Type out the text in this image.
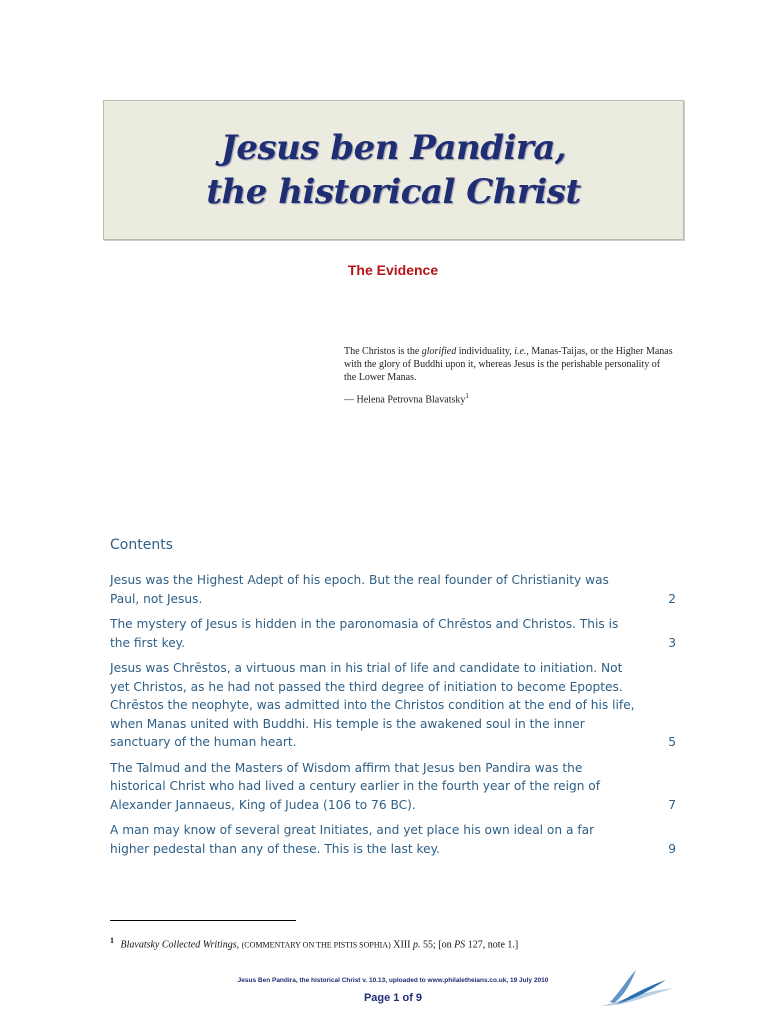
Jesus ben Pandira,
the historical Christ
The Evidence
The Christos is the glorified individuality, i.e., Manas-Taijas, or the Higher Manas with the glory of Buddhi upon it, whereas Jesus is the perishable personality of the Lower Manas.
— Helena Petrovna Blavatsky$^1$
Contents
Jesus was the Highest Adept of his epoch. But the real founder of Christianity was Paul, not Jesus.	2
The mystery of Jesus is hidden in the paronomasia of Chrēstos and Christos. This is the first key.	3
Jesus was Chrēstos, a virtuous man in his trial of life and candidate to initiation. Not yet Christos, as he had not passed the third degree of initiation to become Epoptes. Chrēstos the neophyte, was admitted into the Christos condition at the end of his life, when Manas united with Buddhi. His temple is the awakened soul in the inner sanctuary of the human heart.	5
The Talmud and the Masters of Wisdom affirm that Jesus ben Pandira was the historical Christ who had lived a century earlier in the fourth year of the reign of Alexander Jannaeus, King of Judea (106 to 76 BC).	7
A man may know of several great Initiates, and yet place his own ideal on a far higher pedestal than any of these. This is the last key.	9
$^1$ Blavatsky Collected Writings, (COMMENTARY ON THE PISTIS SOPHIA) XIII p. 55; [on PS 127, note 1.]
Jesus Ben Pandira, the historical Christ v. 10.13, uploaded to www.philaletheians.co.uk, 19 July 2010
Page 1 of 9
